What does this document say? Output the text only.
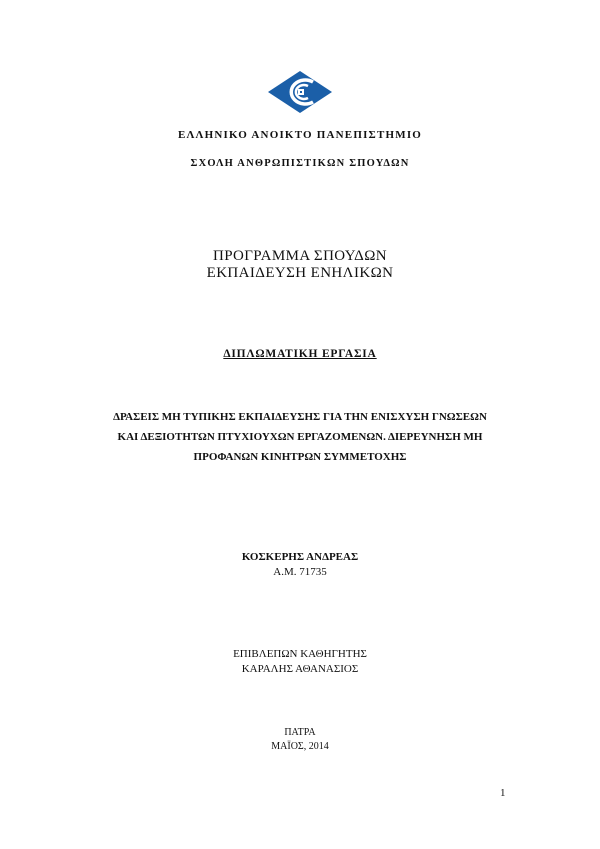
ΕΛΛΗΝΙΚΟ ΑΝΟΙΚΤΟ ΠΑΝΕΠΙΣΤΗΜΙΟ
ΣΧΟΛΗ ΑΝΘΡΩΠΙΣΤΙΚΩΝ ΣΠΟΥΔΩΝ
ΠΡΟΓΡΑΜΜΑ ΣΠΟΥΔΩΝ
ΕΚΠΑΙΔΕΥΣΗ ΕΝΗΛΙΚΩΝ
ΔΙΠΛΩΜΑΤΙΚΗ ΕΡΓΑΣΙΑ
ΔΡΑΣΕΙΣ ΜΗ ΤΥΠΙΚΗΣ ΕΚΠΑΙΔΕΥΣΗΣ ΓΙΑ ΤΗΝ ΕΝΙΣΧΥΣΗ ΓΝΩΣΕΩΝ
ΚΑΙ ΔΕΞΙΟΤΗΤΩΝ ΠΤΥΧΙΟΥΧΩΝ ΕΡΓΑΖΟΜΕΝΩΝ. ΔΙΕΡΕΥΝΗΣΗ ΜΗ
ΠΡΟΦΑΝΩΝ ΚΙΝΗΤΡΩΝ ΣΥΜΜΕΤΟΧΗΣ
ΚΟΣΚΕΡΗΣ ΑΝΔΡΕΑΣ
Α.Μ. 71735
ΕΠΙΒΛΕΠΩΝ ΚΑΘΗΓΗΤΗΣ
ΚΑΡΑΛΗΣ ΑΘΑΝΑΣΙΟΣ
ΠΑΤΡΑ
ΜΑΪΟΣ, 2014
1
